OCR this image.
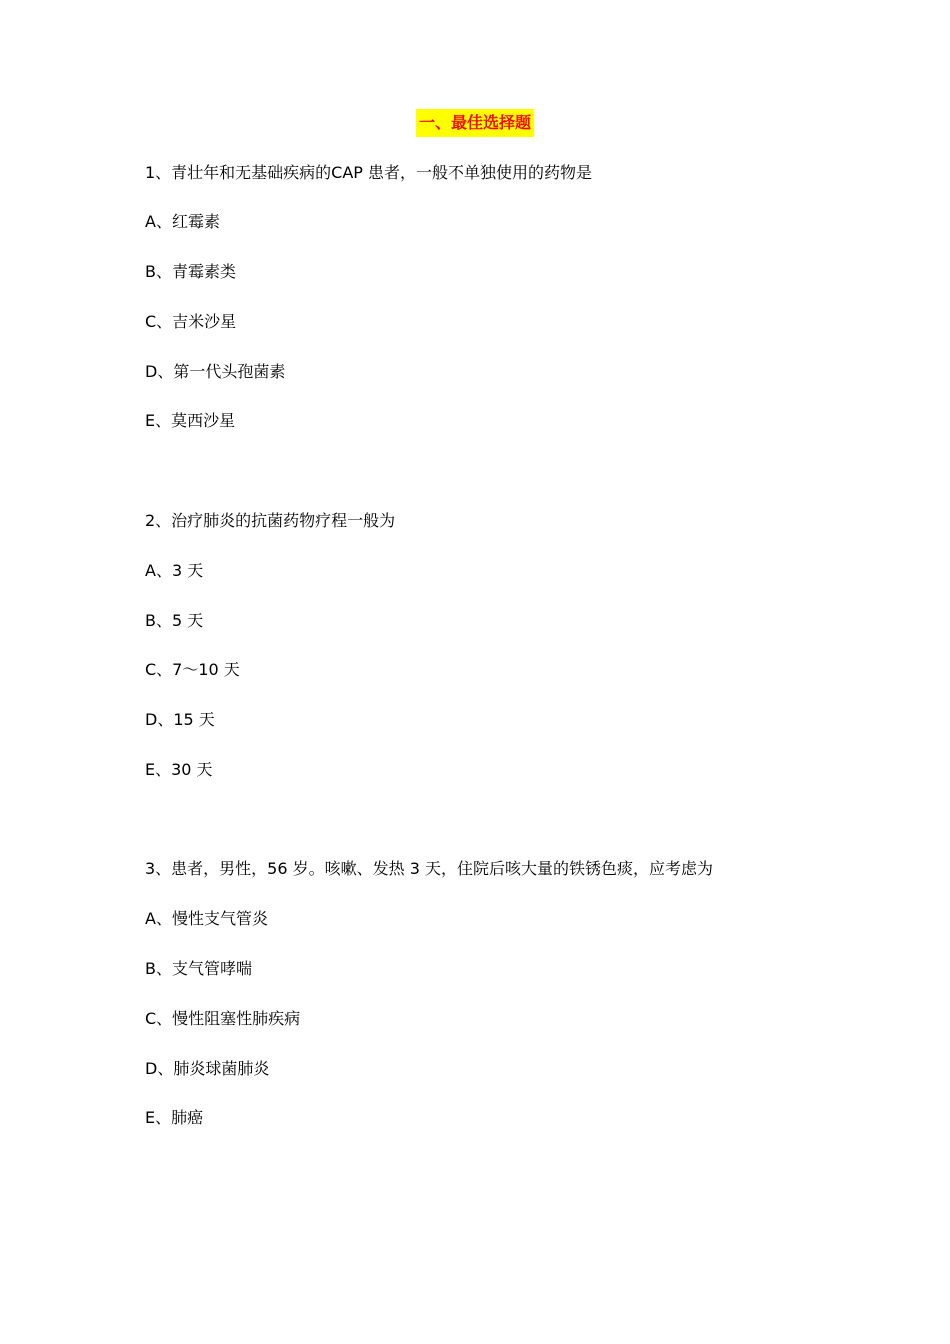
一、最佳选择题
1、青壮年和无基础疾病的CAP 患者，一般不单独使用的药物是
A、红霉素
B、青霉素类
C、吉米沙星
D、第一代头孢菌素
E、莫西沙星
2、治疗肺炎的抗菌药物疗程一般为
A、3 天
B、5 天
C、7～10 天
D、15 天
E、30 天
3、患者，男性，56 岁。咳嗽、发热 3 天，住院后咳大量的铁锈色痰，应考虑为
A、慢性支气管炎
B、支气管哮喘
C、慢性阻塞性肺疾病
D、肺炎球菌肺炎
E、肺癌
